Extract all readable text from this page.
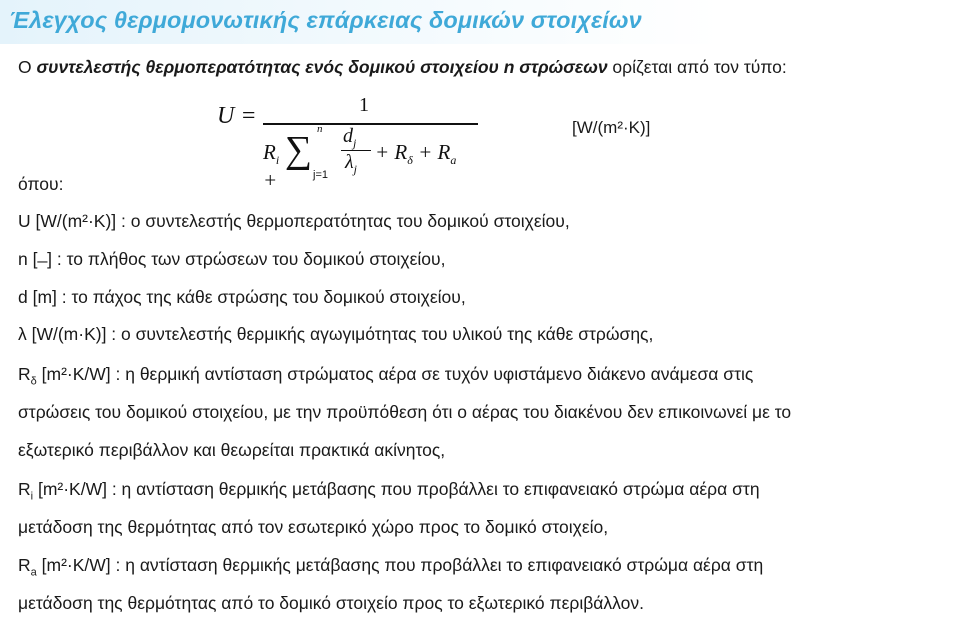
Έλεγχος θερμομονωτικής επάρκειας δομικών στοιχείων
Ο συντελεστής θερμοπερατότητας ενός δομικού στοιχείου n στρώσεων ορίζεται από τον τύπο:
U =	1
$R_i$ +
∑ n
j=1
$d_j$
$\lambda_j$
+ $R_\delta + R_a$
[W/(m²·K)]
όπου:
U [W/(m²·K)] : ο συντελεστής θερμοπερατότητας του δομικού στοιχείου,
n [ ̶ ] : το πλήθος των στρώσεων του δομικού στοιχείου,
d [m] : το πάχος της κάθε στρώσης του δομικού στοιχείου,
λ [W/(m·K)] : ο συντελεστής θερμικής αγωγιμότητας του υλικού της κάθε στρώσης,
$R_\delta$ [m²·K/W] : η θερμική αντίσταση στρώματος αέρα σε τυχόν υφιστάμενο διάκενο ανάμεσα στις
στρώσεις του δομικού στοιχείου, με την προϋπόθεση ότι ο αέρας του διακένου δεν επικοινωνεί με το
εξωτερικό περιβάλλον και θεωρείται πρακτικά ακίνητος,
$R_i$ [m²·K/W] : η αντίσταση θερμικής μετάβασης που προβάλλει το επιφανειακό στρώμα αέρα στη
μετάδοση της θερμότητας από τον εσωτερικό χώρο προς το δομικό στοιχείο,
$R_a$ [m²·K/W] : η αντίσταση θερμικής μετάβασης που προβάλλει το επιφανειακό στρώμα αέρα στη
μετάδοση της θερμότητας από το δομικό στοιχείο προς το εξωτερικό περιβάλλον.
